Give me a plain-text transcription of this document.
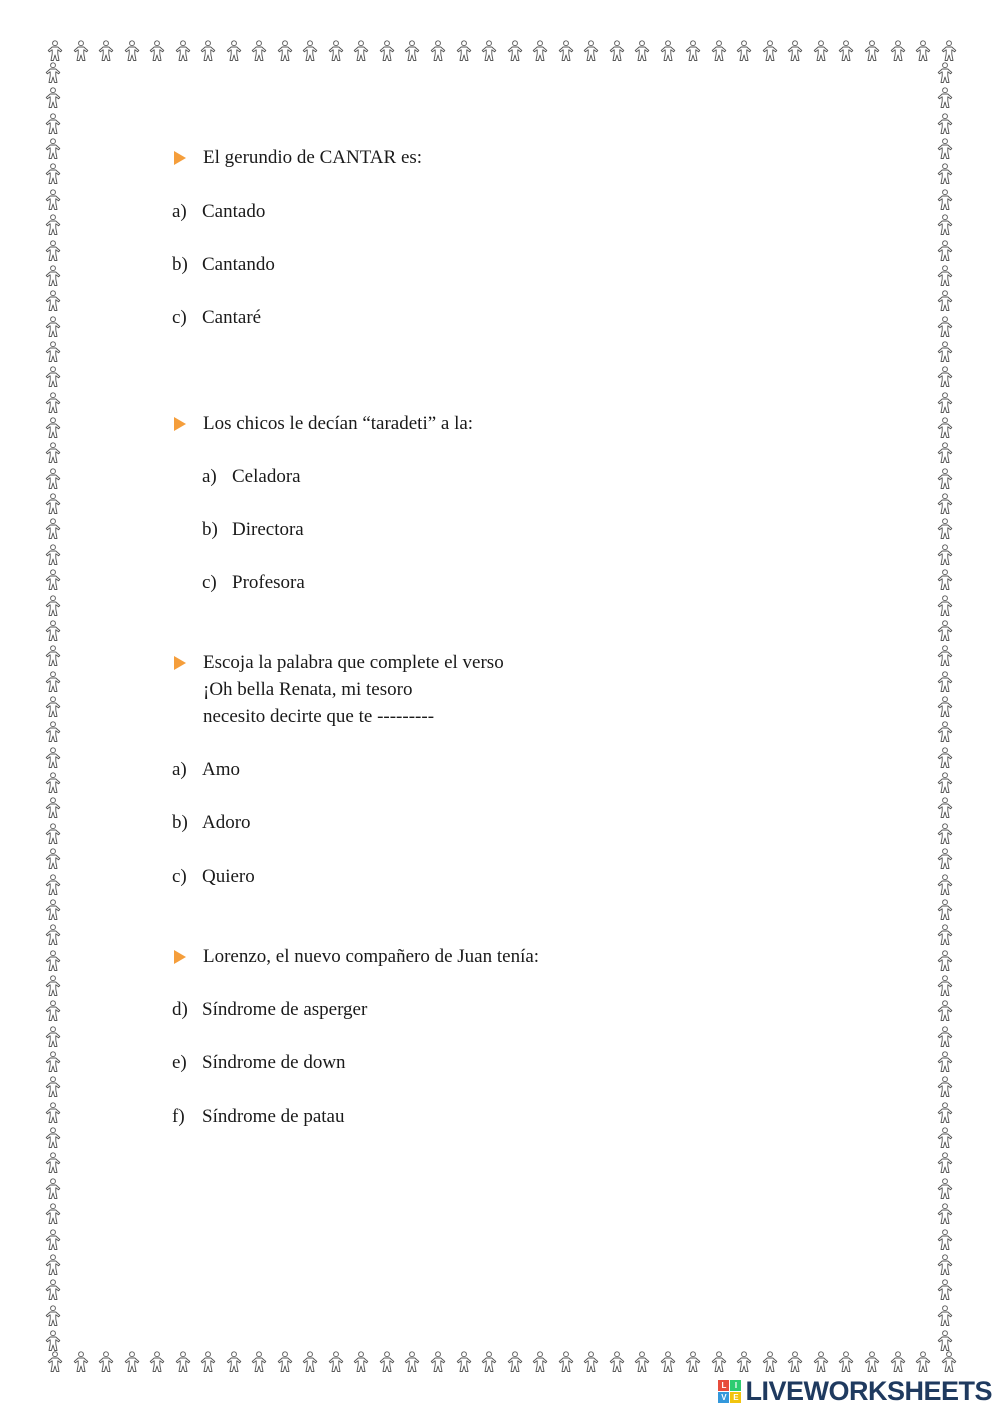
El gerundio de CANTAR es:
a) Cantado
b) Cantando
c) Cantaré
Los chicos le decían “taradeti” a la:
a) Celadora
b) Directora
c) Profesora
Escoja la palabra que complete el verso
¡Oh bella Renata, mi tesoro
necesito decirte que te ---------
a) Amo
b) Adoro
c) Quiero
Lorenzo, el nuevo compañero de Juan tenía:
d) Síndrome de asperger
e) Síndrome de down
f) Síndrome de patau
L	I
V E LIVEWORKSHEETS
